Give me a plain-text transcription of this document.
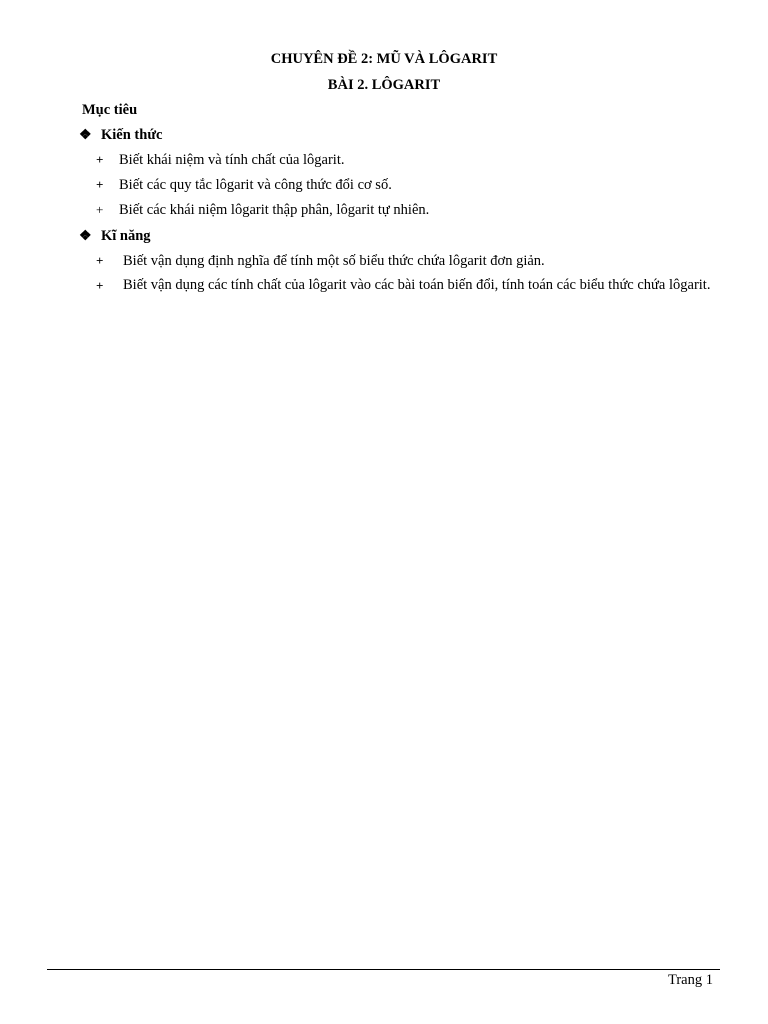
CHUYÊN ĐỀ 2: MŨ VÀ LÔGARIT
BÀI 2. LÔGARIT
Mục tiêu
❖ Kiến thức
+	Biết khái niệm và tính chất của lôgarit.
+	Biết các quy tắc lôgarit và công thức đổi cơ số.
+	Biết các khái niệm lôgarit thập phân, lôgarit tự nhiên.
❖ Kĩ năng
+	Biết vận dụng định nghĩa để tính một số biểu thức chứa lôgarit đơn giản.
+	Biết vận dụng các tính chất của lôgarit vào các bài toán biến đổi, tính toán các biểu thức chứa lôgarit.
Trang 1
